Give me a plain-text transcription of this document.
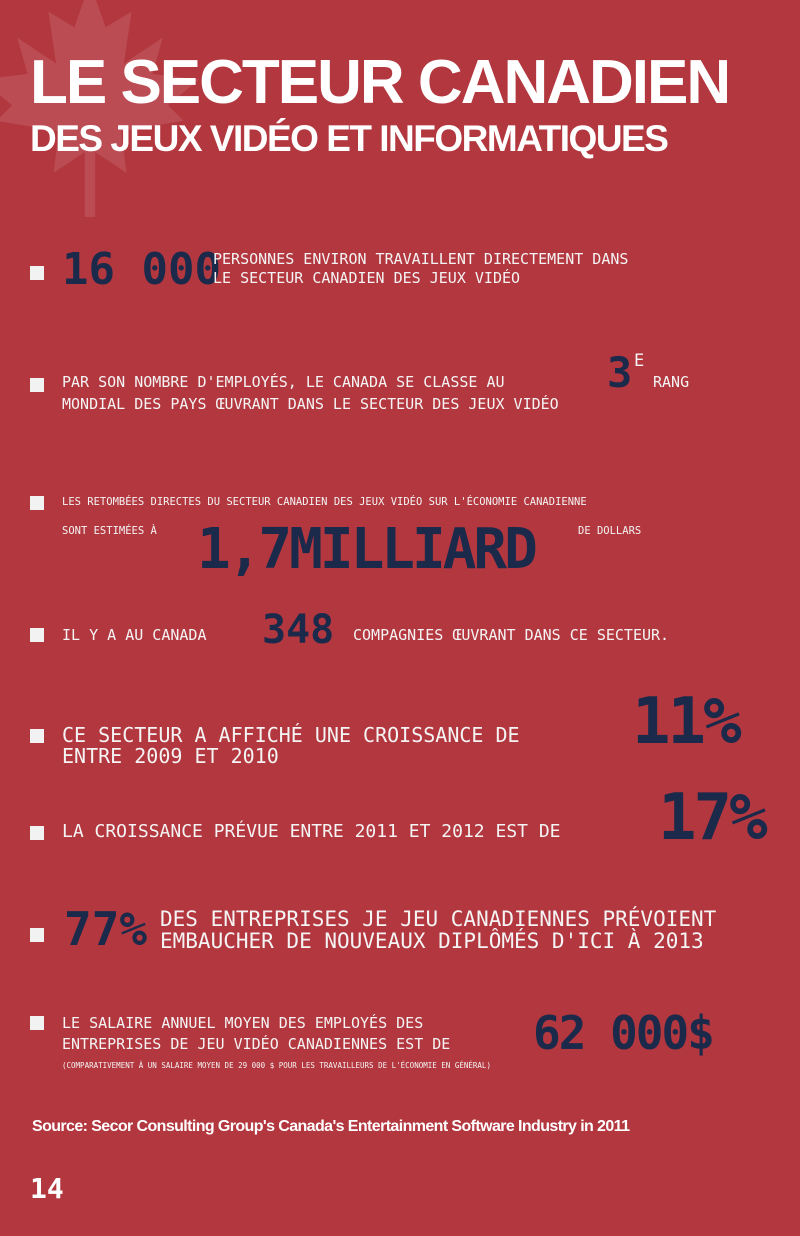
LE SECTEUR CANADIEN
DES JEUX VIDÉO ET INFORMATIQUES
16 000
PERSONNES ENVIRON TRAVAILLENT DIRECTEMENT DANS
LE SECTEUR CANADIEN DES JEUX VIDÉO
PAR SON NOMBRE D'EMPLOYÉS, LE CANADA SE CLASSE AU 3 E
RANG
MONDIAL DES PAYS ŒUVRANT DANS LE SECTEUR DES JEUX VIDÉO
LES RETOMBÉES DIRECTES DU SECTEUR CANADIEN DES JEUX VIDÉO SUR L'ÉCONOMIE CANADIENNE
SONT ESTIMÉES À 1,7MILLIARD	DE DOLLARS
IL Y A AU CANADA 348 COMPAGNIES ŒUVRANT DANS CE SECTEUR.
CE SECTEUR A AFFICHÉ UNE CROISSANCE DE
ENTRE 2009 ET 2010	11%
LA CROISSANCE PRÉVUE ENTRE 2011 ET 2012 EST DE 17%
77% DES ENTREPRISES JE JEU CANADIENNES PRÉVOIENT
EMBAUCHER DE NOUVEAUX DIPLÔMÉS D'ICI À 2013
LE SALAIRE ANNUEL MOYEN DES EMPLOYÉS DES
ENTREPRISES DE JEU VIDÉO CANADIENNES EST DE 62 000$
(COMPARATIVEMENT À UN SALAIRE MOYEN DE 29 000 $ POUR LES TRAVAILLEURS DE L'ÉCONOMIE EN GÉNÉRAL)
Source: Secor Consulting Group's Canada's Entertainment Software Industry in 2011
14
